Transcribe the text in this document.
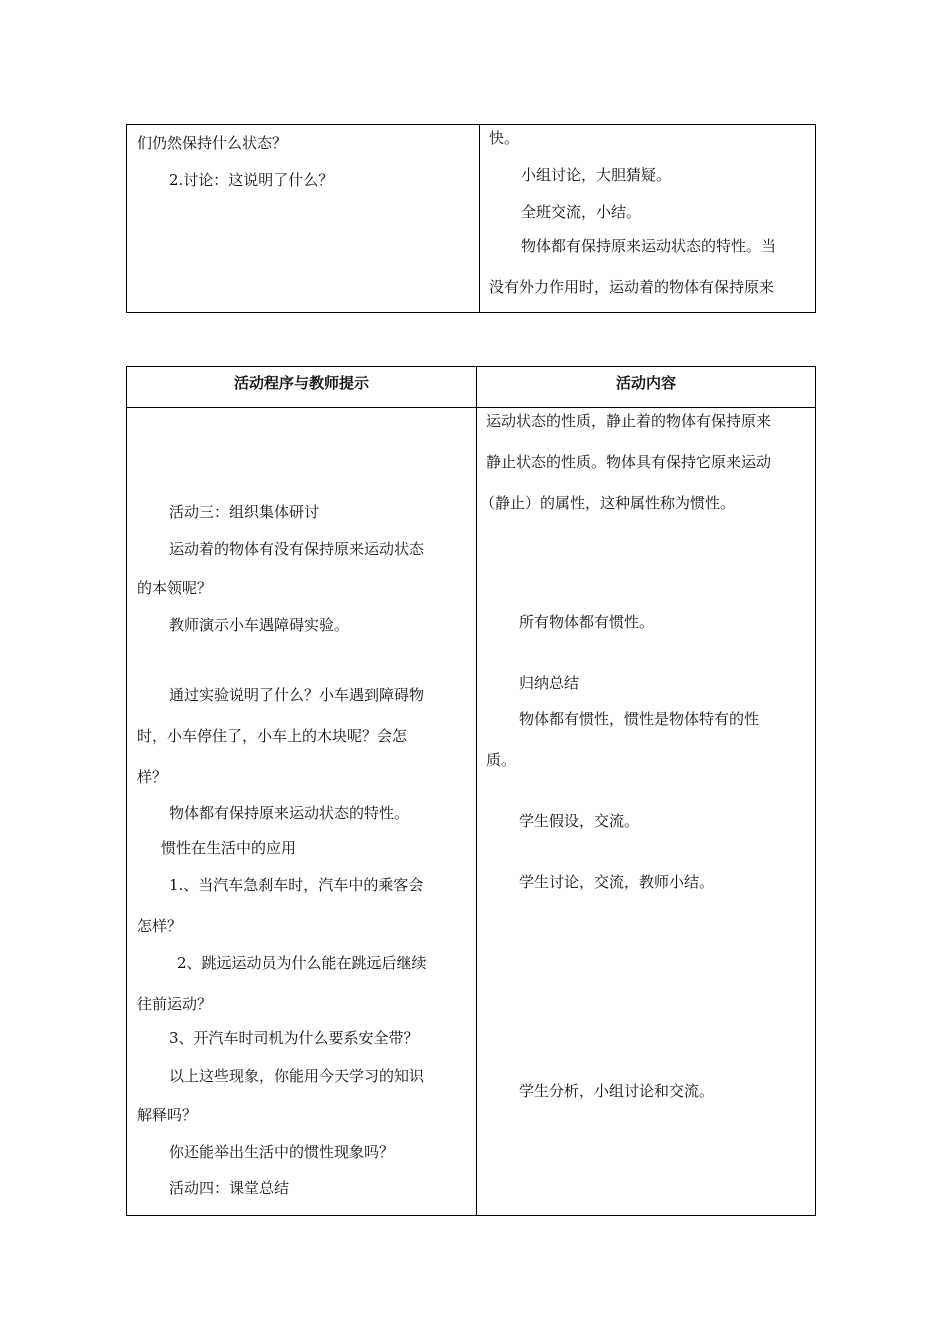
们仍然保持什么状态？
2.讨论：这说明了什么？
快。
小组讨论，大胆猜疑。
全班交流，小结。
物体都有保持原来运动状态的特性。当
没有外力作用时，运动着的物体有保持原来
活动程序与教师提示	活动内容
活动三：组织集体研讨
运动着的物体有没有保持原来运动状态
的本领呢？
教师演示小车遇障碍实验。
通过实验说明了什么？小车遇到障碍物
时，小车停住了，小车上的木块呢？会怎
样？
物体都有保持原来运动状态的特性。
惯性在生活中的应用
1.、当汽车急刹车时，汽车中的乘客会
怎样？
2、跳远运动员为什么能在跳远后继续
往前运动？
3、开汽车时司机为什么要系安全带？
以上这些现象，你能用今天学习的知识
解释吗？
你还能举出生活中的惯性现象吗？
活动四：课堂总结
运动状态的性质，静止着的物体有保持原来
静止状态的性质。物体具有保持它原来运动
（静止）的属性，这种属性称为惯性。
所有物体都有惯性。
归纳总结
物体都有惯性，惯性是物体特有的性
质。
学生假设，交流。
学生讨论，交流，教师小结。
学生分析，小组讨论和交流。
